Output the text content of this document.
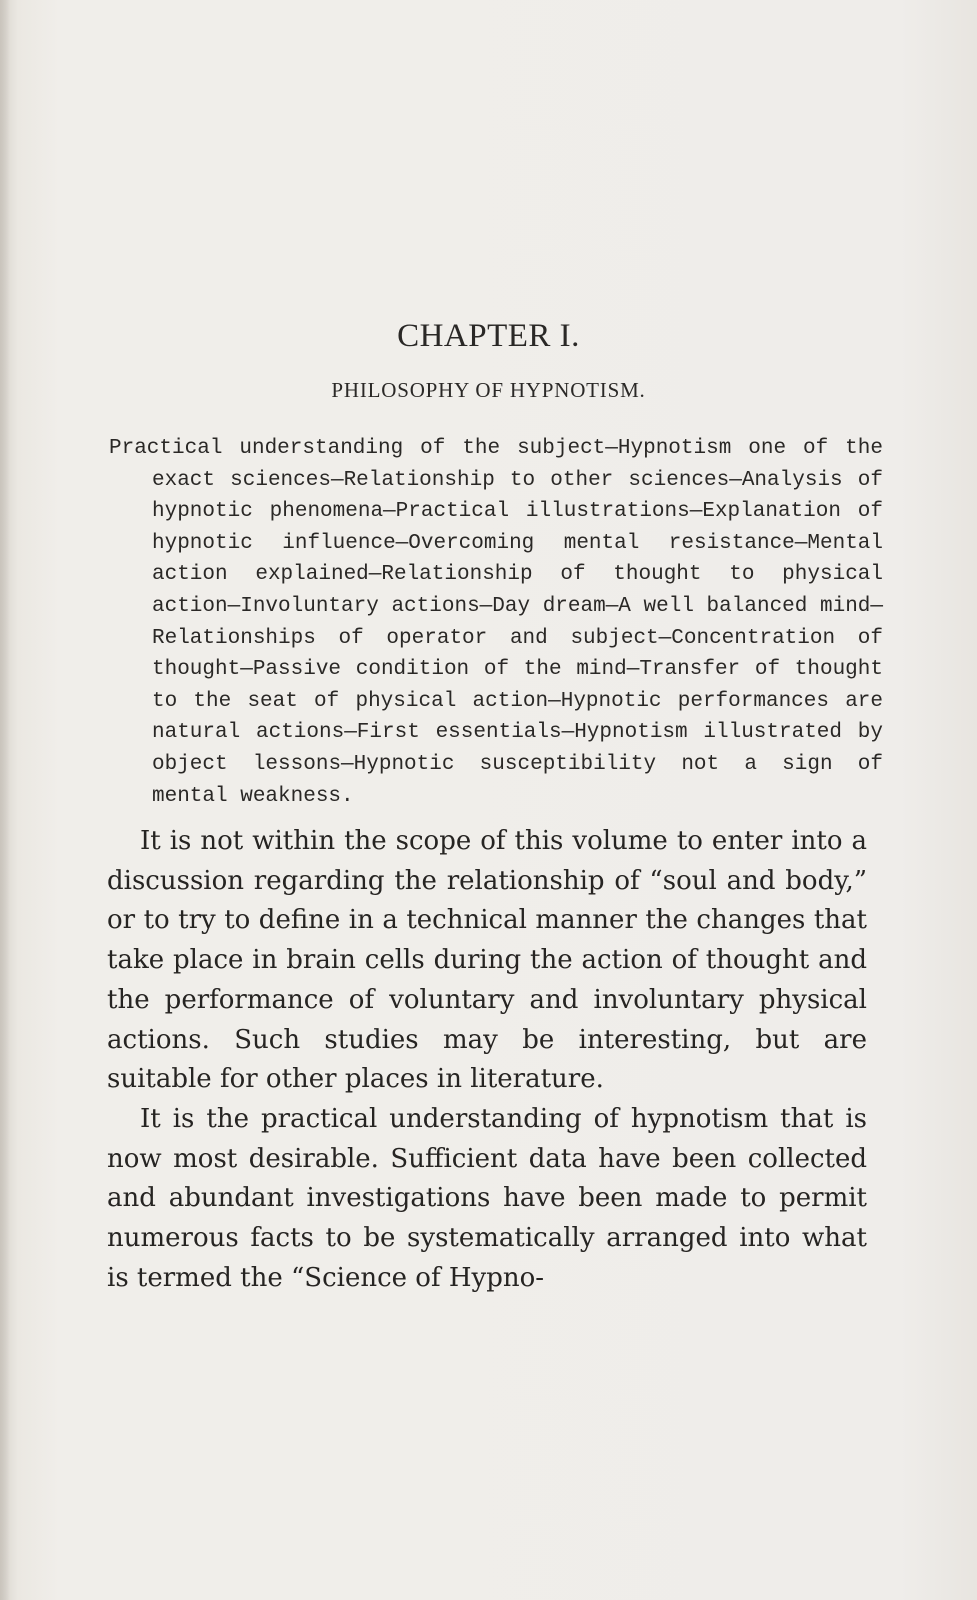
CHAPTER I.
PHILOSOPHY OF HYPNOTISM.
Practical understanding of the subject—Hypnotism one of the exact sciences—Relationship to other sciences—Analysis of hypnotic phenomena—Practical illustrations—Explanation of hypnotic influence—Overcoming mental resistance—Mental action explained—Relationship of thought to physical action—Involuntary actions—Day dream—A well balanced mind—Relationships of operator and subject—Concentration of thought—Passive condition of the mind—Transfer of thought to the seat of physical action—Hypnotic performances are natural actions—First essentials—Hypnotism illustrated by object lessons—Hypnotic susceptibility not a sign of mental weakness.

It is not within the scope of this volume to enter into a discussion regarding the relationship of “soul and body,” or to try to define in a technical manner the changes that take place in brain cells during the action of thought and the performance of voluntary and involuntary physical actions. Such studies may be interesting, but are suitable for other places in literature.

It is the practical understanding of hypnotism that is now most desirable. Sufficient data have been collected and abundant investigations have been made to permit numerous facts to be systematically arranged into what is termed the “Science of Hypno-
